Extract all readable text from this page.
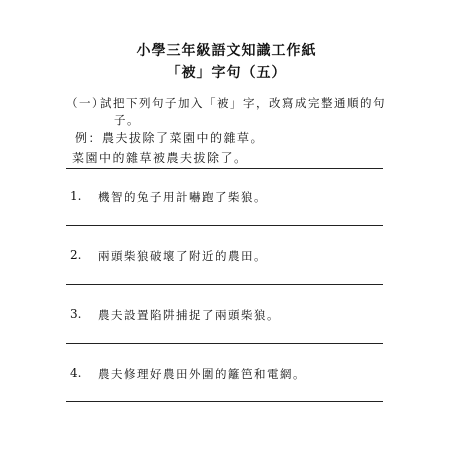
小學三年級語文知識工作紙
「被」字句（五）
（一）
試把下列句子加入「被」字，改寫成完整通順的句
子。
例：農夫拔除了菜園中的雜草。
菜園中的雜草被農夫拔除了。
1. 機智的兔子用計嚇跑了柴狼。
2. 兩頭柴狼破壞了附近的農田。
3. 農夫設置陷阱捕捉了兩頭柴狼。
4. 農夫修理好農田外圍的籬笆和電網。
